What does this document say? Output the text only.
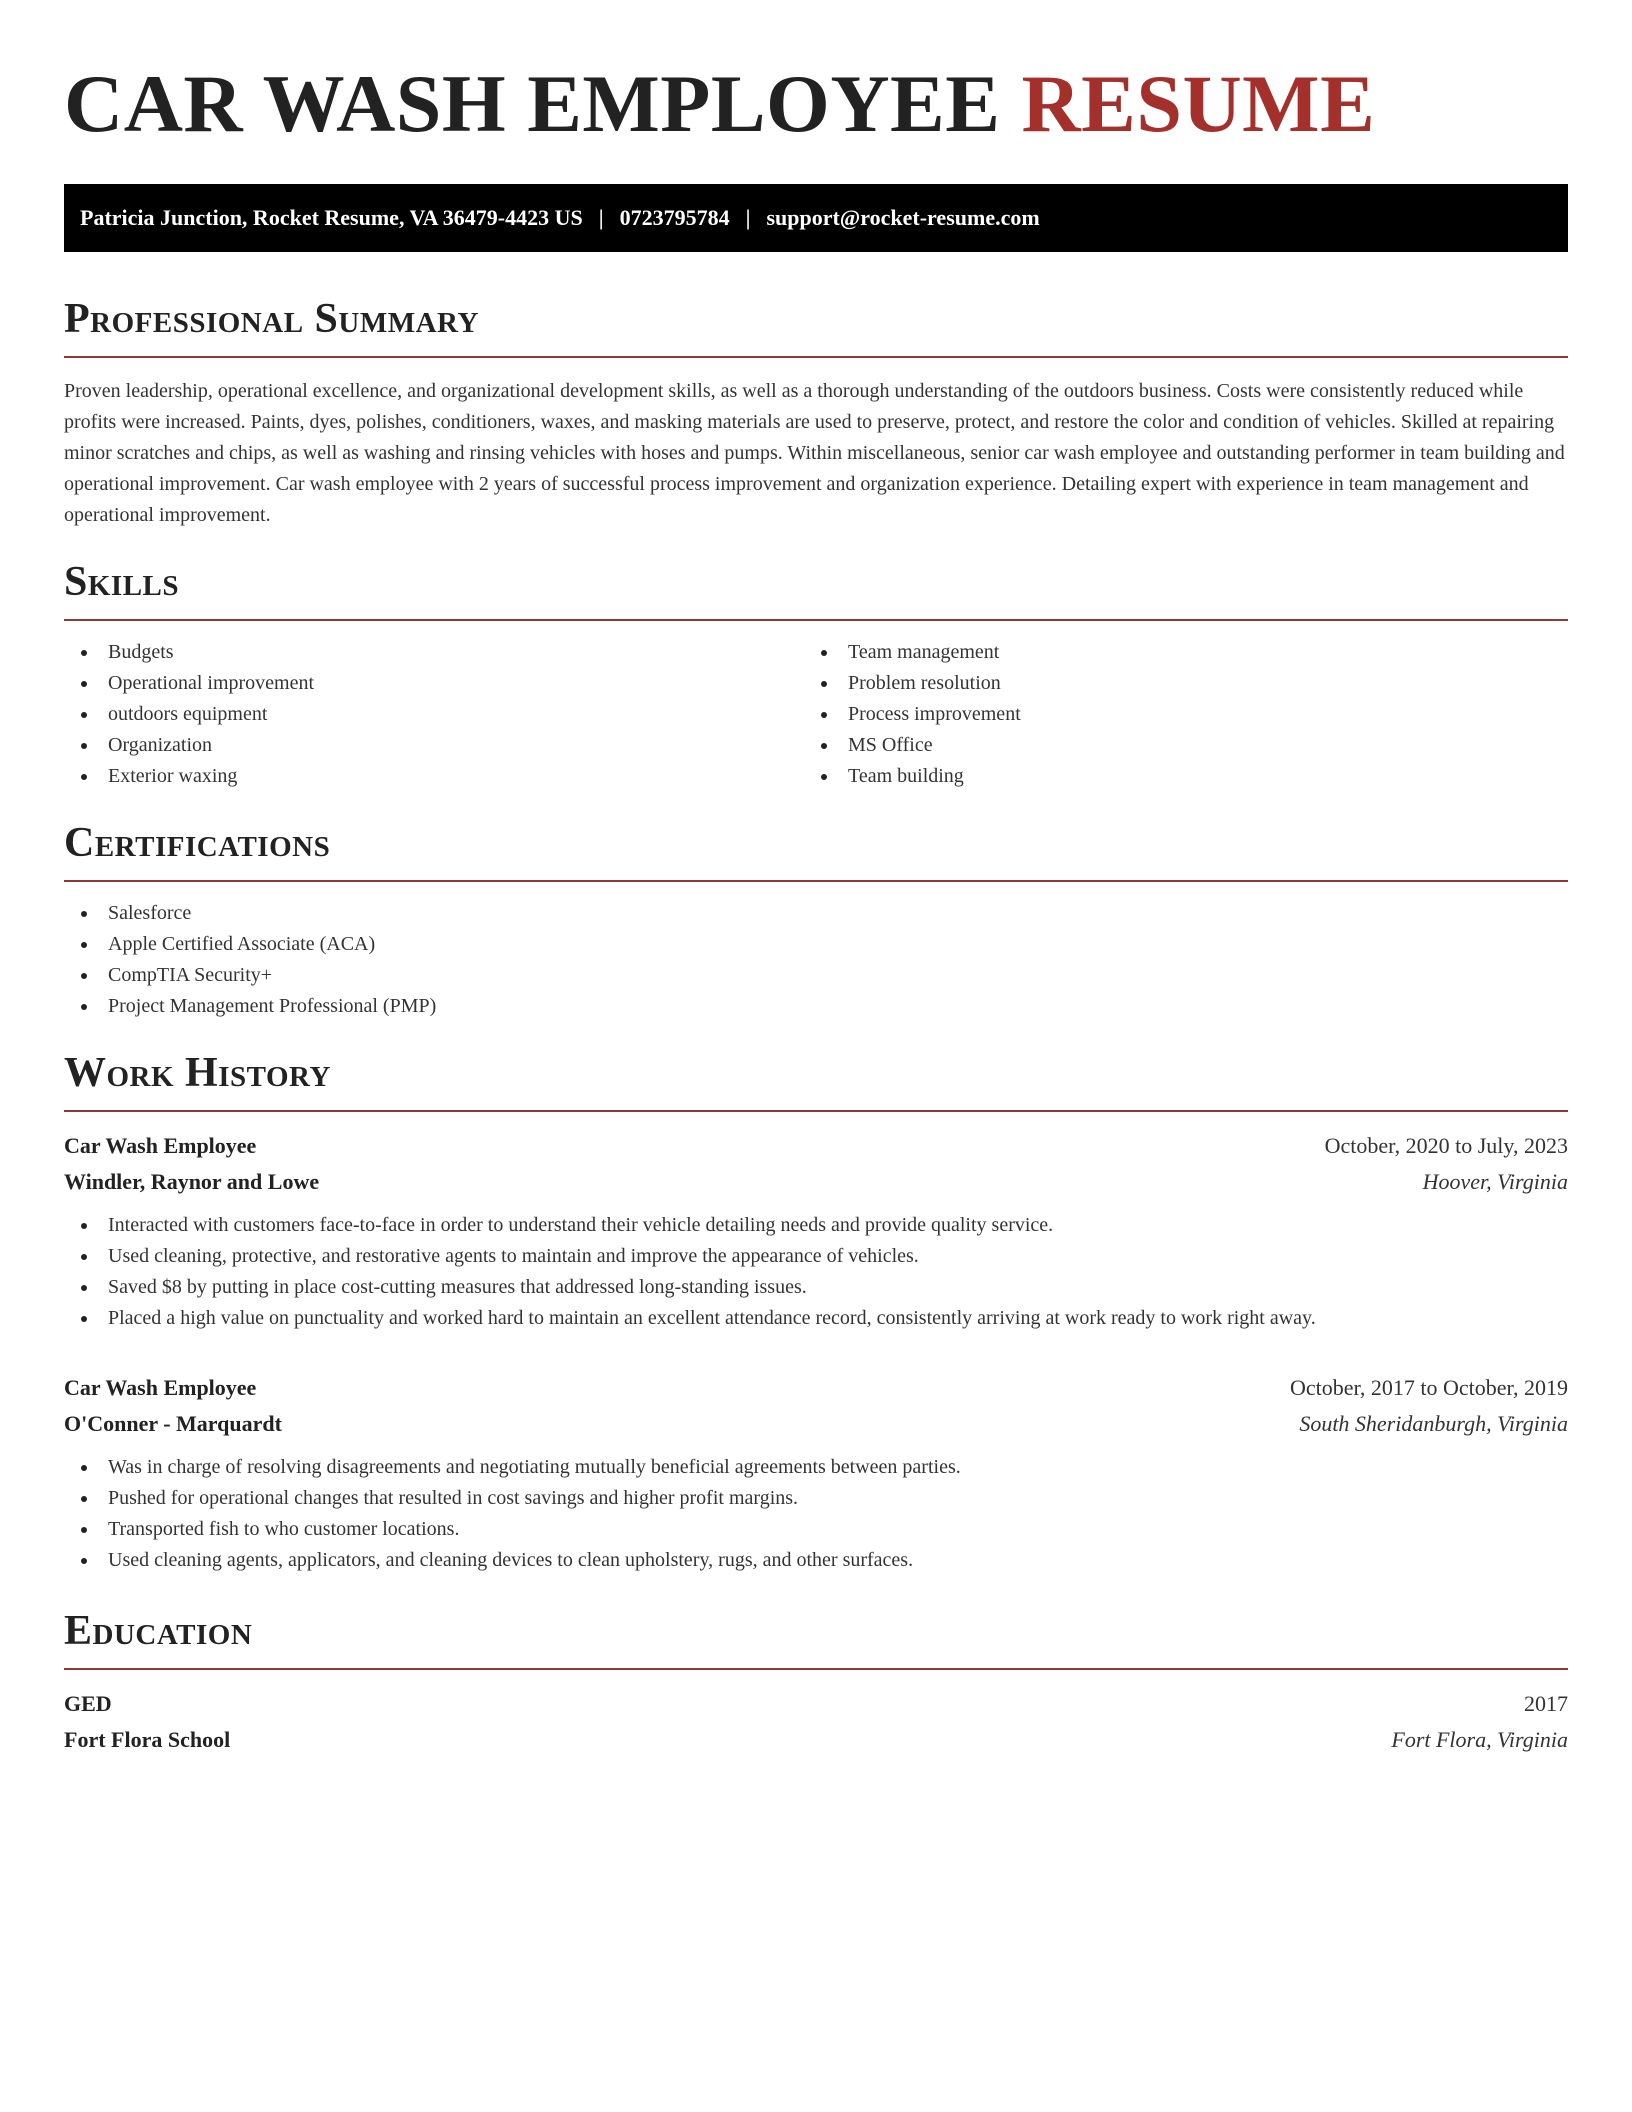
CAR WASH EMPLOYEE RESUME
Patricia Junction, Rocket Resume, VA 36479-4423 US | 0723795784 | support@rocket-resume.com
Professional Summary

Proven leadership, operational excellence, and organizational development skills, as well as a thorough understanding of the outdoors business. Costs were consistently reduced while profits were increased. Paints, dyes, polishes, conditioners, waxes, and masking materials are used to preserve, protect, and restore the color and condition of vehicles. Skilled at repairing minor scratches and chips, as well as washing and rinsing vehicles with hoses and pumps. Within miscellaneous, senior car wash employee and outstanding performer in team building and operational improvement. Car wash employee with 2 years of successful process improvement and organization experience. Detailing expert with experience in team management and operational improvement.

Skills
Budgets
Operational improvement
outdoors equipment
Organization
Exterior waxing
Team management
Problem resolution
Process improvement
MS Office
Team building
Certifications
Salesforce
Apple Certified Associate (ACA)
CompTIA Security+
Project Management Professional (PMP)
Work History
Car Wash Employee	October, 2020 to July, 2023
Windler, Raynor and Lowe	Hoover, Virginia
Interacted with customers face-to-face in order to understand their vehicle detailing needs and provide quality service.
Used cleaning, protective, and restorative agents to maintain and improve the appearance of vehicles.
Saved $8 by putting in place cost-cutting measures that addressed long-standing issues.
Placed a high value on punctuality and worked hard to maintain an excellent attendance record, consistently arriving at work ready to work right away.
Car Wash Employee	October, 2017 to October, 2019
O'Conner - Marquardt	South Sheridanburgh, Virginia
Was in charge of resolving disagreements and negotiating mutually beneficial agreements between parties.
Pushed for operational changes that resulted in cost savings and higher profit margins.
Transported fish to who customer locations.
Used cleaning agents, applicators, and cleaning devices to clean upholstery, rugs, and other surfaces.
Education
GED	2017
Fort Flora School	Fort Flora, Virginia
